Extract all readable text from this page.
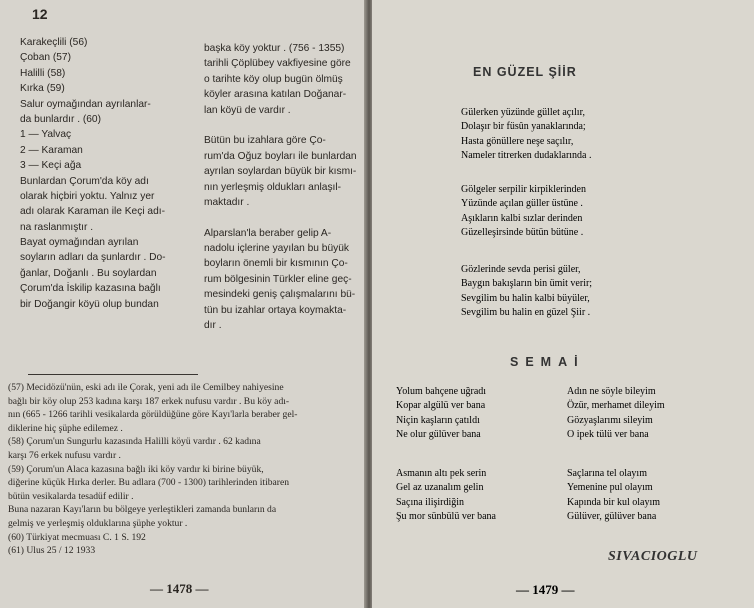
12
Karakeçlili (56)
Çoban (57)
Halilli (58)
Kırka (59)
Salur oymağından ayrılanlar-
da bunlardır . (60)
1 — Yalvaç
2 — Karaman
3 — Keçi ağa
Bunlardan Çorum'da köy adı
olarak hiçbiri yoktu. Yalnız yer
adı olarak Karaman ile Keçi adı-
na raslanmıştır .
Bayat oymağından ayrılan
soyların adları da şunlardır . Do-
ğanlar, Doğanlı . Bu soylardan
Çorum'da İskilip kazasına bağlı
bir Doğangir köyü olup bundan
başka köy yoktur . (756 - 1355)
tarihli Çöplübey vakfiyesine göre
o tarihte köy olup bugün ölmüş
köyler arasına katılan Doğanar-
lan köyü de vardır .
Bütün bu izahlara göre Ço-
rum'da Oğuz boyları ile bunlardan
ayrılan soylardan büyük bir kısmı-
nın yerleşmiş oldukları anlaşıl-
maktadır .
Alparslan'la beraber gelip A-
nadolu içlerine yayılan bu büyük
boyların önemli bir kısmının Ço-
rum bölgesinin Türkler eline geç-
mesindeki geniş çalışmalarını bü-
tün bu izahlar ortaya koymakta-
dır .
(57) Mecidözü'nün, eski adı ile Çorak, yeni adı ile Cemilbey nahiyesine
bağlı bir köy olup 253 kadına karşı 187 erkek nufusu vardır . Bu köy adı-
nın (665 - 1266 tarihli vesikalarda görüldüğüne göre Kayı'larla beraber gel-
diklerine hiç şüphe edilemez .
(58) Çorum'un Sungurlu kazasında Halilli köyü vardır . 62 kadına
karşı 76 erkek nufusu vardır .
(59) Çorum'un Alaca kazasına bağlı iki köy vardır ki birine büyük,
diğerine küçük Hırka derler. Bu adlara (700 - 1300) tarihlerinden itibaren
bütün vesikalarda tesadüf edilir .
Buna nazaran Kayı'ların bu bölgeye yerleştikleri zamanda bunların da
gelmiş ve yerleşmiş olduklarına şüphe yoktur .
(60) Türkiyat mecmuası C. 1 S. 192
(61) Ulus 25 / 12 1933
— 1478 —
EN GÜZEL ŞİİR
Gülerken yüzünde güllet açılır,
Dolaşır bir füsûn yanaklarında;
Hasta gönüllere neşe saçılır,
Nameler titrerken dudaklarında .
Gölgeler serpilir kirpiklerinden
Yüzünde açılan güller üstüne .
Aşıkların kalbi sızlar derinden
Güzelleşirsinde bütün bütüne .
Gözlerinde sevda perisi güler,
Baygın bakışların bin ümit verir;
Sevgilim bu halin kalbi büyüler,
Sevgilim bu halin en güzel Şiir .
SEMAİ
Yolum bahçene uğradı
Kopar algülü ver bana
Niçin kaşların çatıldı
Ne olur gülüver bana
Adın ne söyle bileyim
Özür, merhamet dileyim
Gözyaşlarımı sileyim
O ipek tülü ver bana
Asmanın altı pek serin
Gel az uzanalım gelin
Saçına ilişirdiğin
Şu mor sünbülü ver bana
Saçlarına tel olayım
Yemenine pul olayım
Kapında bir kul olayım
Gülüver, gülüver bana
SIVACIOGLU
— 1479 —
